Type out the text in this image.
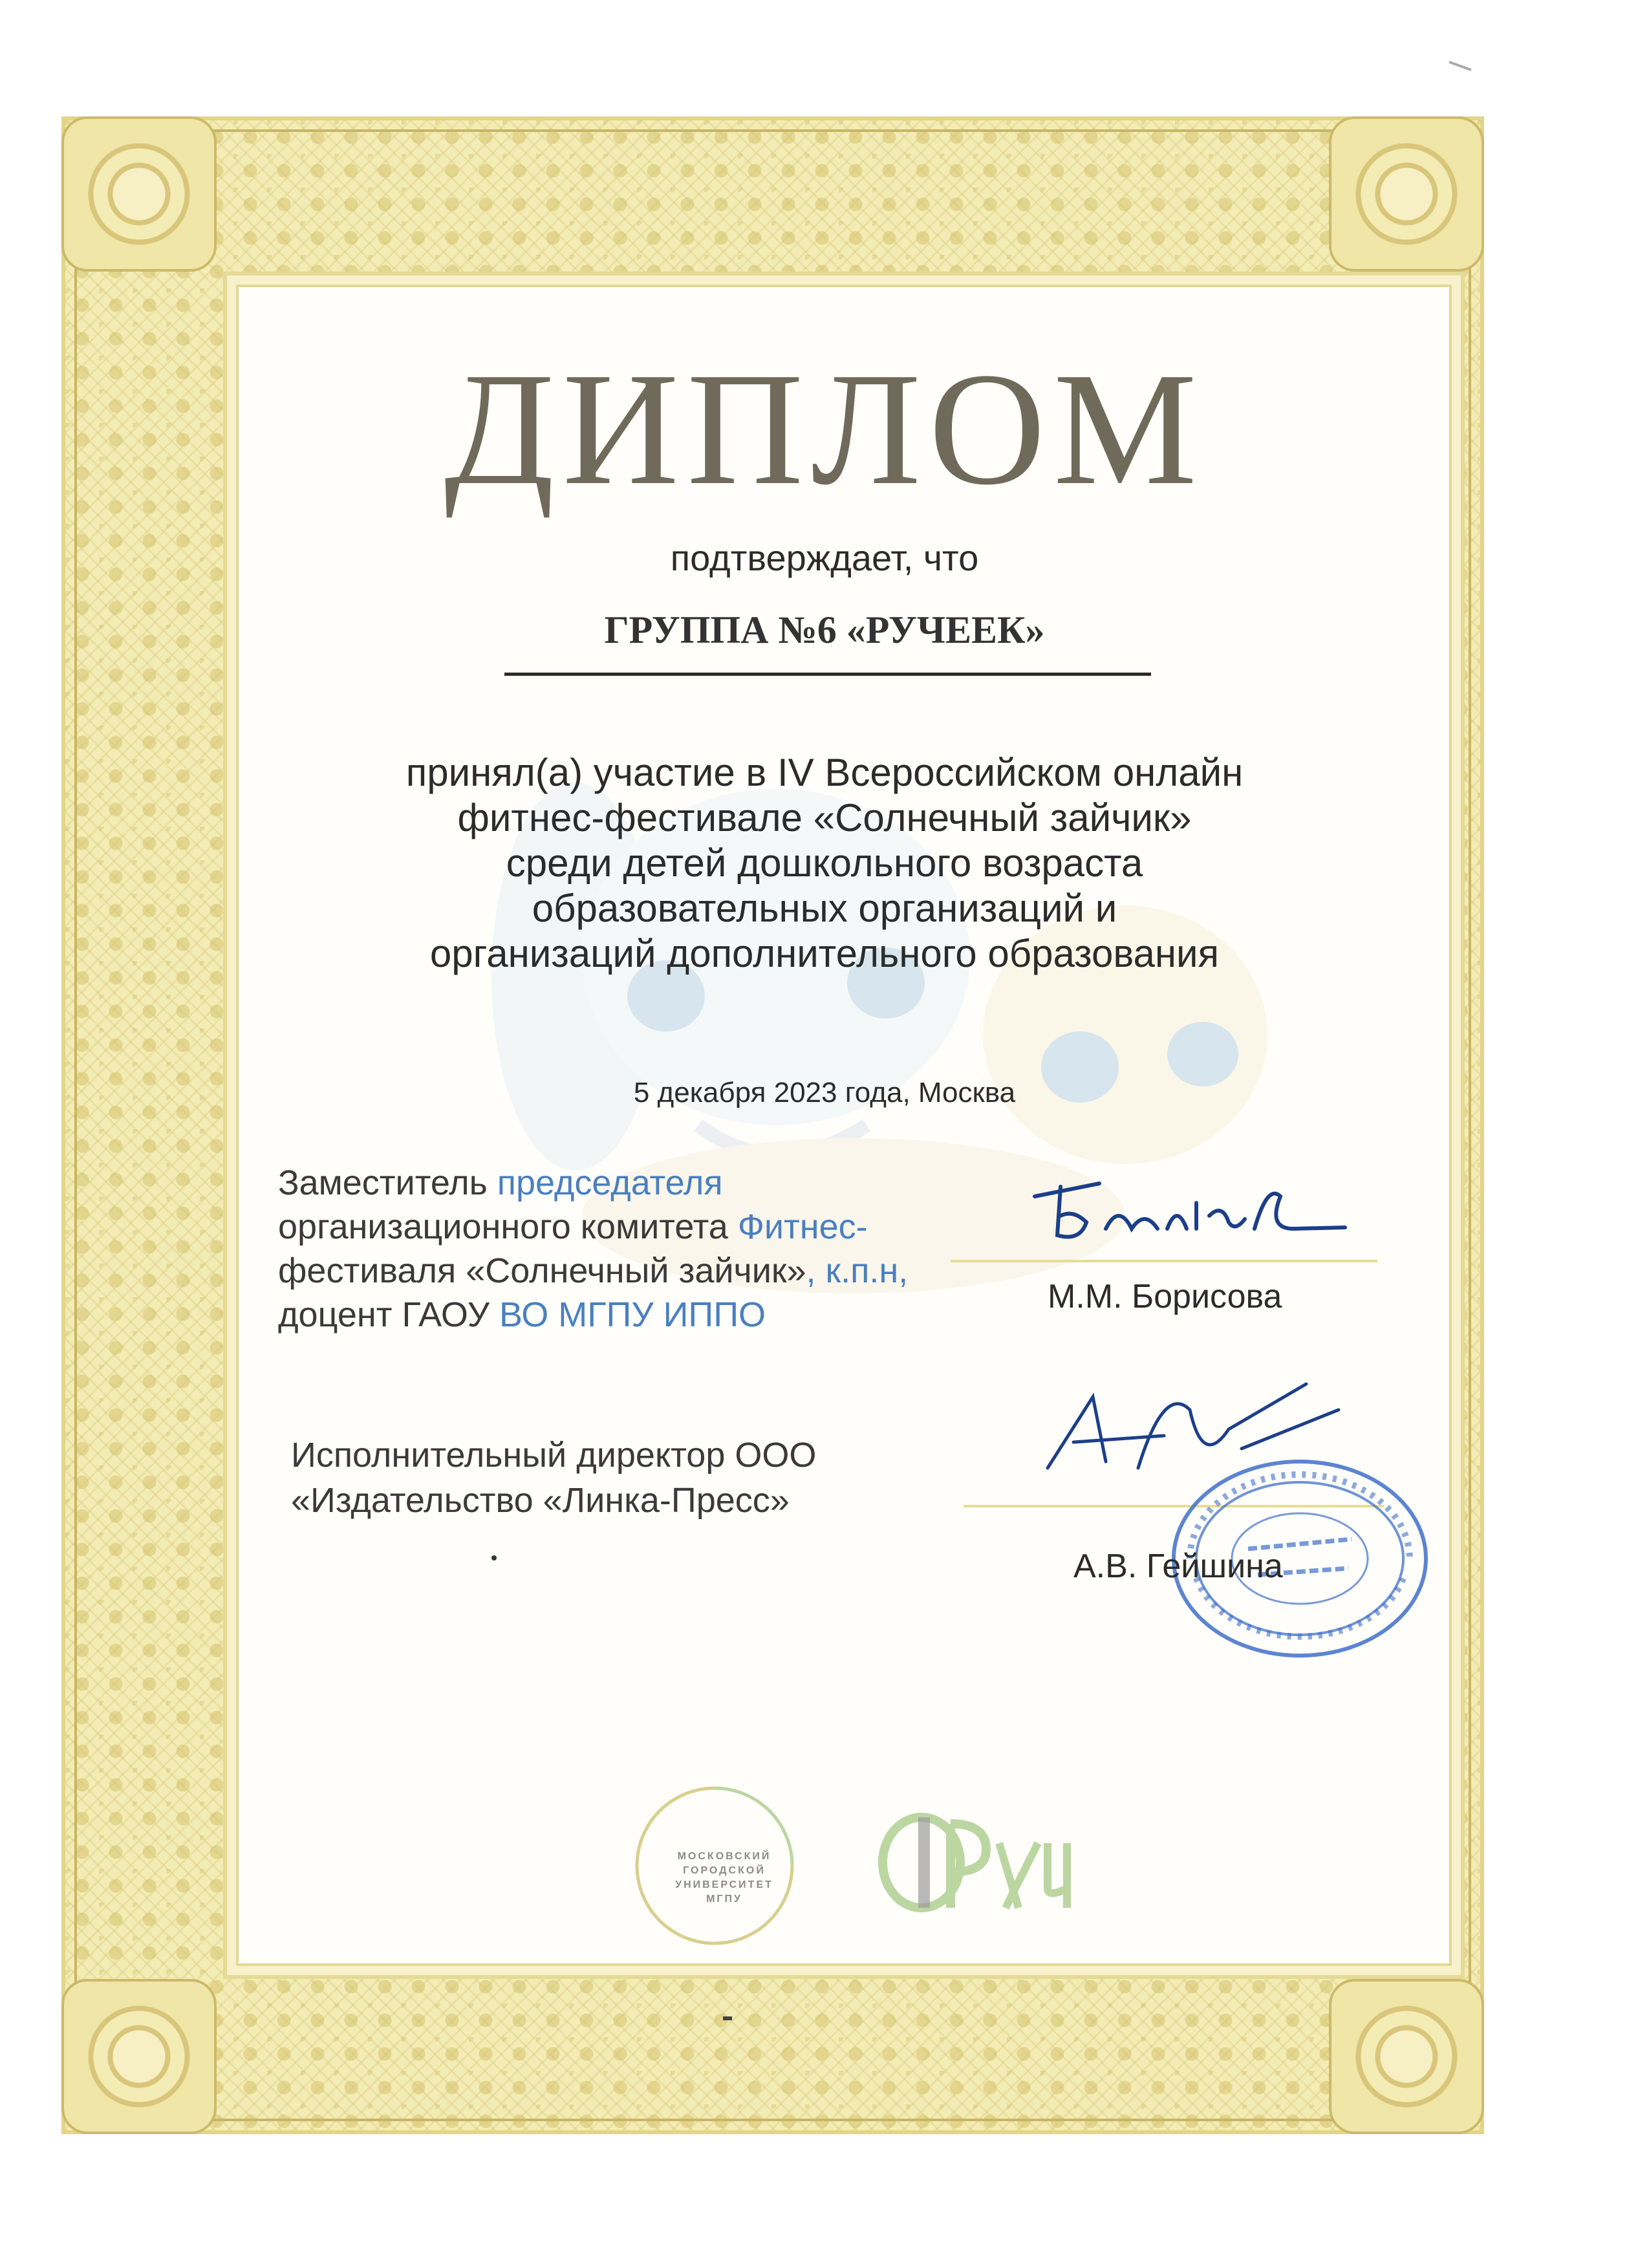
ДИПЛОМ
подтверждает, что
ГРУППА №6 «РУЧЕЕК»
принял(а) участие в IV Всероссийском онлайн
фитнес-фестивале «Солнечный зайчик»
среди детей дошкольного возраста
образовательных организаций и
организаций дополнительного образования
5 декабря 2023 года, Москва
Заместитель председателя
организационного комитета Фитнес-
фестиваля «Солнечный зайчик», к.п.н,
доцент ГАОУ ВО МГПУ ИППО	М.М. Борисова
Исполнительный директор ООО
«Издательство «Линка-Пресс»
А.В. Гейшина
МОСКОВСКИЙ
ГОРОДСКОЙ
УНИВЕРСИТЕТ
МГПУ
